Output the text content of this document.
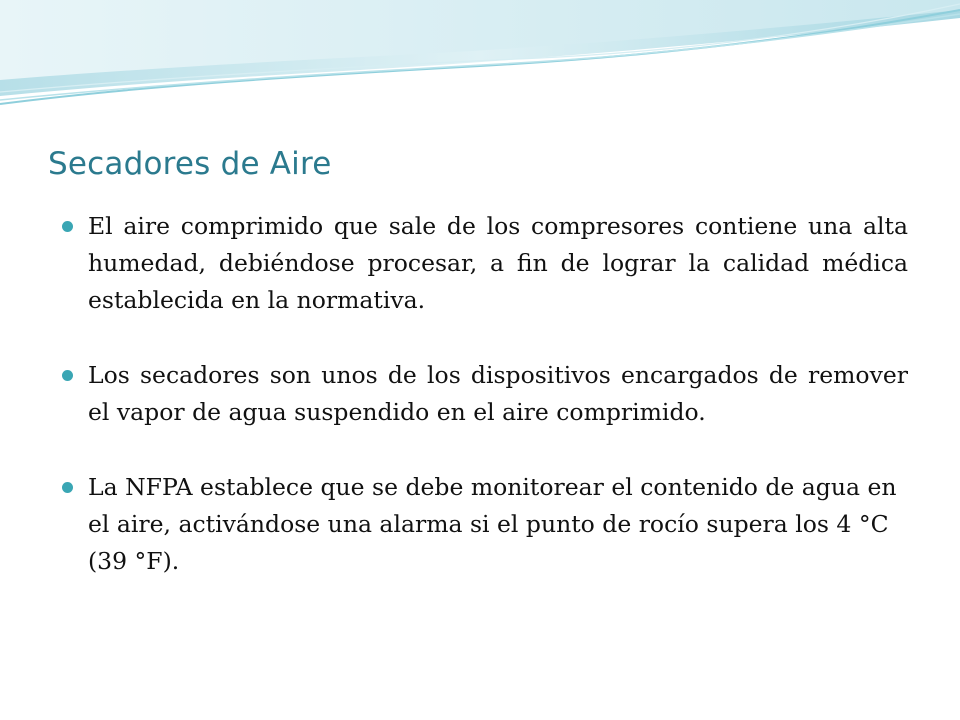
Secadores de Aire
El aire comprimido que sale de los compresores contiene una alta humedad, debiéndose procesar, a fin de lograr la calidad médica establecida en la normativa.
Los secadores son unos de los dispositivos encargados de remover el vapor de agua suspendido en el aire comprimido.
La NFPA establece que se debe monitorear el contenido de agua en el aire, activándose una alarma si el punto de rocío supera los 4 °C (39 °F).
